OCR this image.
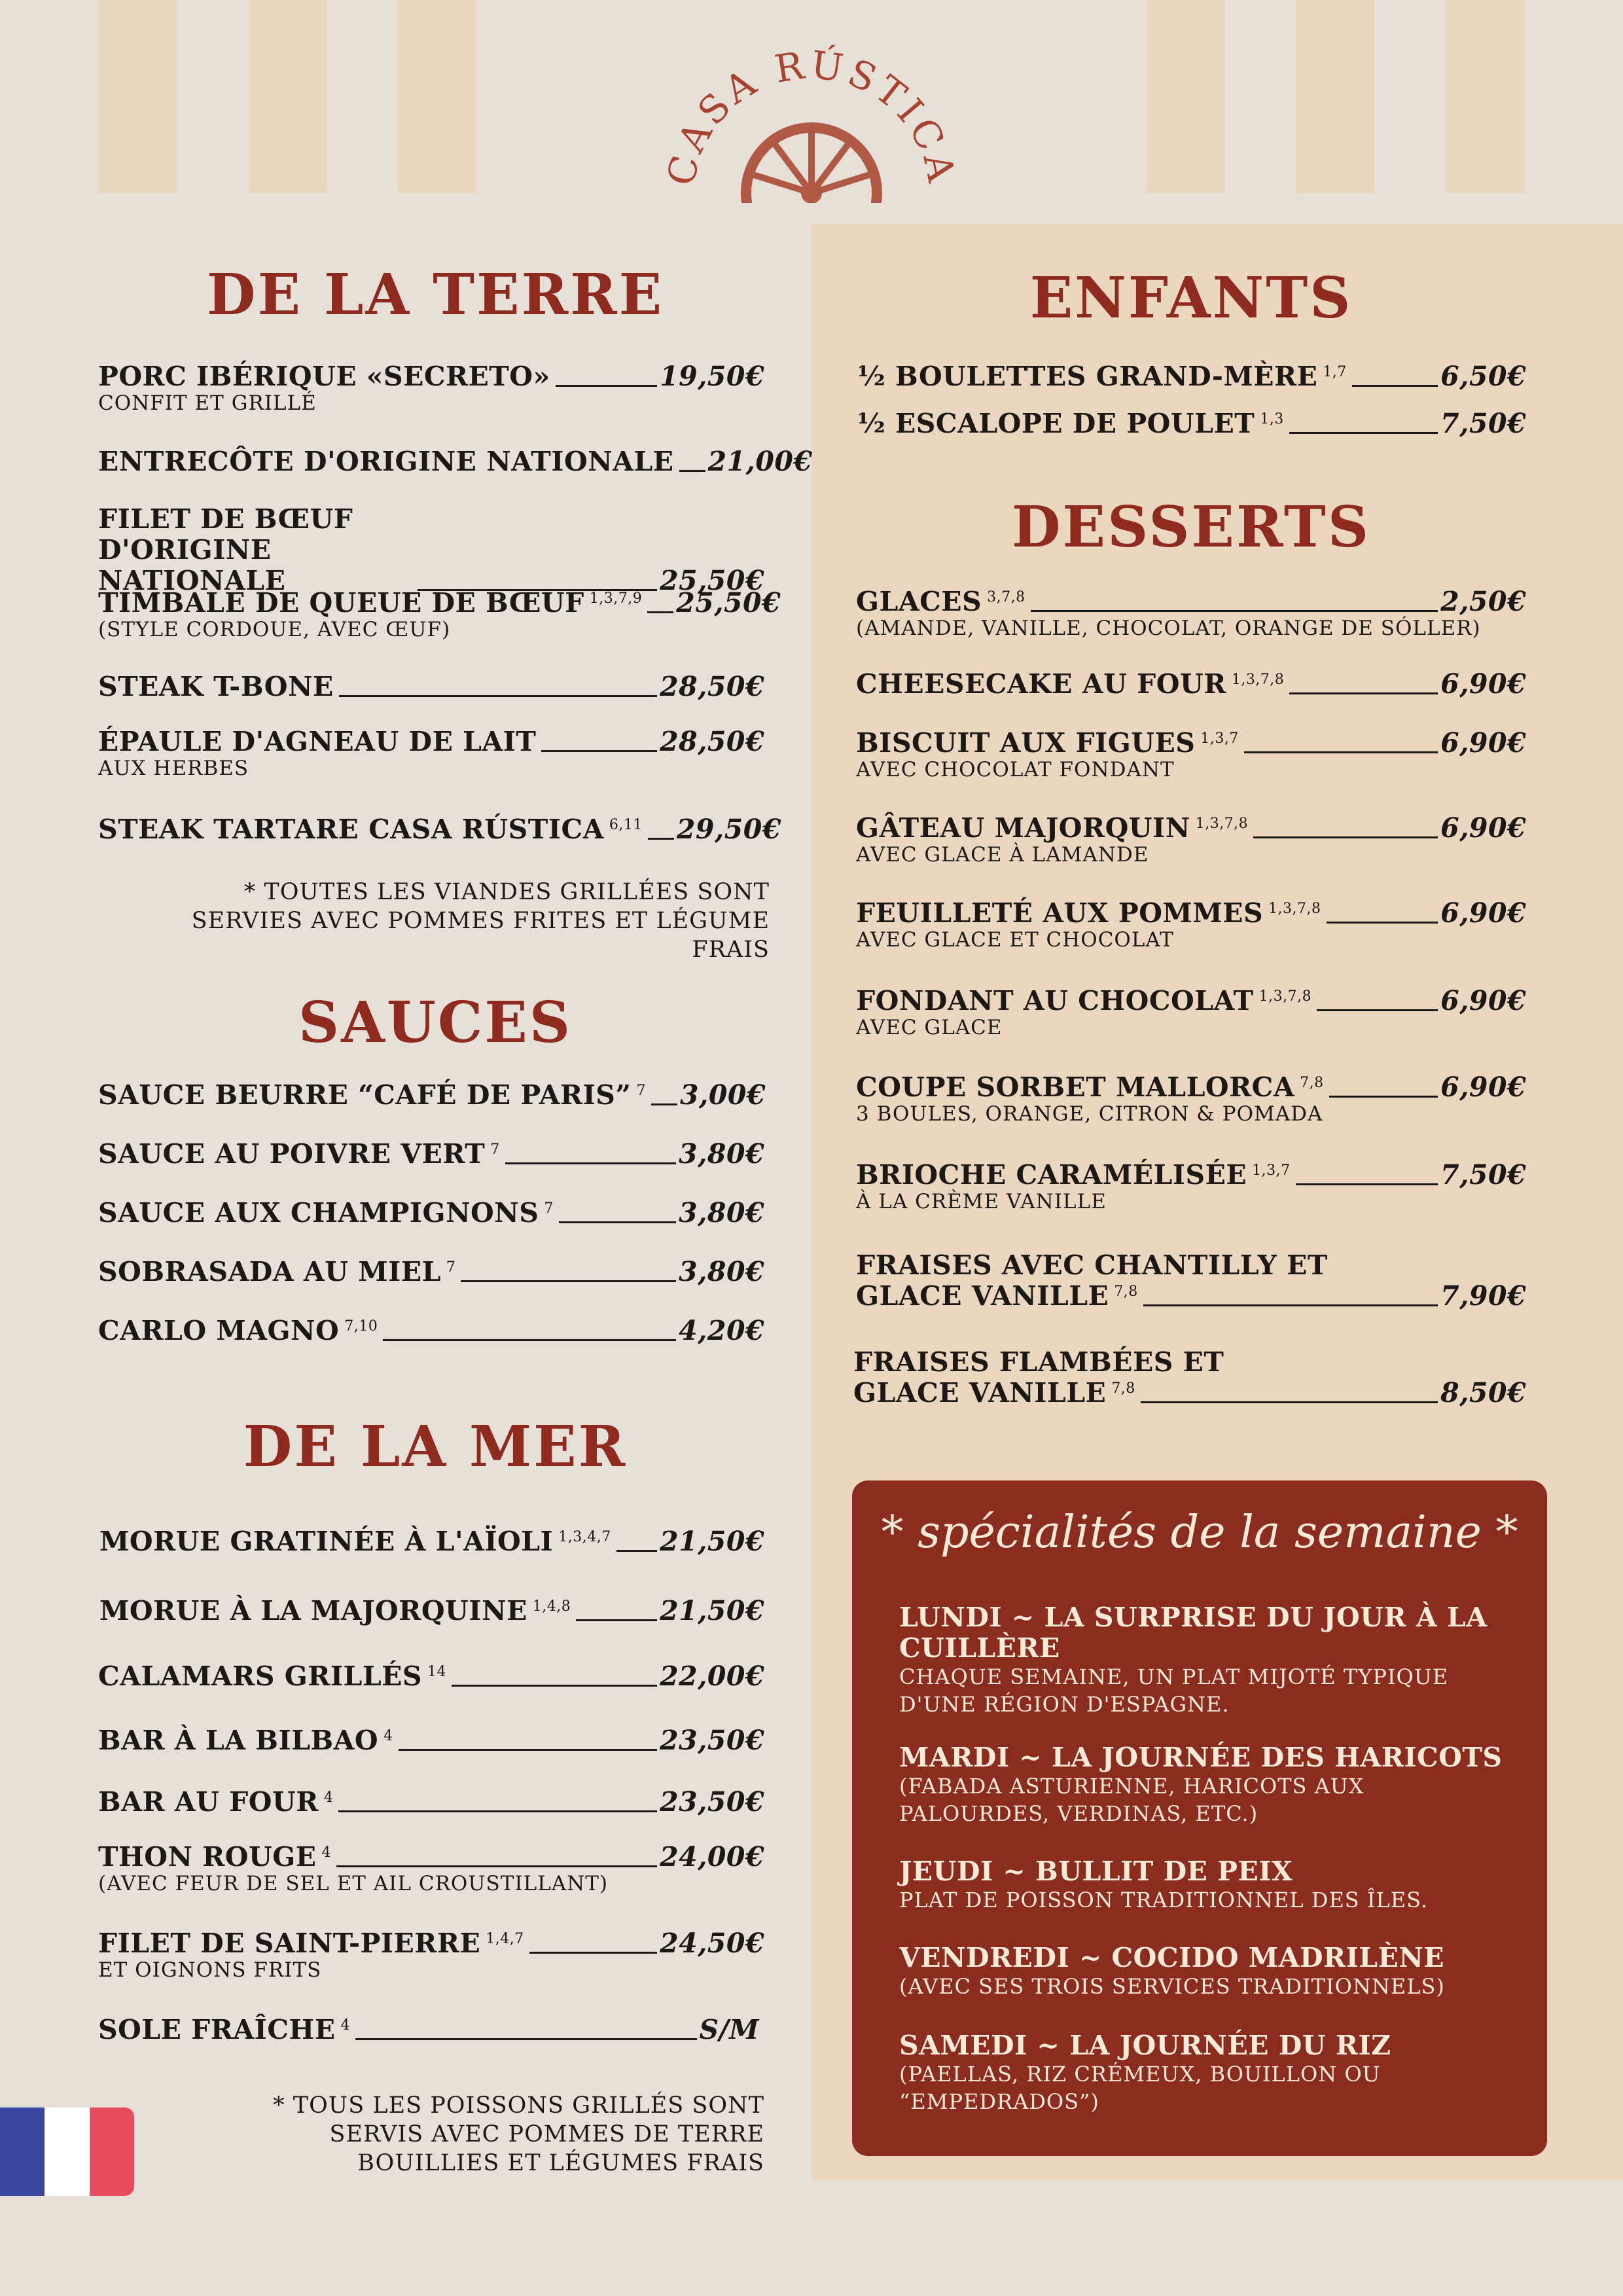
CASA RÚSTICA
DE LA TERRE
PORC IBÉRIQUE «SECRETO»	19,50€
CONFIT ET GRILLÉ
ENTRECÔTE D'ORIGINE NATIONALE 21,00€
FILET DE BŒUF D'ORIGINE NATIONALE	25,50€
TIMBALE DE QUEUE DE BŒUF 1,3,7,9 25,50€
(STYLE CORDOUE, AVEC ŒUF)
STEAK T-BONE	28,50€
ÉPAULE D'AGNEAU DE LAIT	28,50€
AUX HERBES
STEAK TARTARE CASA RÚSTICA 6,11 29,50€
* TOUTES LES VIANDES GRILLÉES SONT SERVIES AVEC POMMES FRITES ET LÉGUME FRAIS
SAUCES
SAUCE BEURRE “CAFÉ DE PARIS” 7 3,00€
SAUCE AU POIVRE VERT 7	3,80€
SAUCE AUX CHAMPIGNONS 7	3,80€
SOBRASADA AU MIEL 7	3,80€
CARLO MAGNO 7,10	4,20€
DE LA MER
MORUE GRATINÉE À L'AÏOLI 1,3,4,7 21,50€
MORUE À LA MAJORQUINE 1,4,8	21,50€
CALAMARS GRILLÉS 14	22,00€
BAR À LA BILBAO 4	23,50€
BAR AU FOUR 4	23,50€
THON ROUGE 4	24,00€
(AVEC FEUR DE SEL ET AIL CROUSTILLANT)
FILET DE SAINT-PIERRE 1,4,7	24,50€
ET OIGNONS FRITS
SOLE FRAÎCHE 4	S/M
* TOUS LES POISSONS GRILLÉS SONT SERVIS AVEC POMMES DE TERRE BOUILLIES ET LÉGUMES FRAIS
ENFANTS
½ BOULETTES GRAND-MÈRE 1,7	6,50€
½ ESCALOPE DE POULET 1,3	7,50€
DESSERTS
GLACES 3,7,8	2,50€
(AMANDE, VANILLE, CHOCOLAT, ORANGE DE SÓLLER)
CHEESECAKE AU FOUR 1,3,7,8	6,90€
BISCUIT AUX FIGUES 1,3,7	6,90€
AVEC CHOCOLAT FONDANT
GÂTEAU MAJORQUIN 1,3,7,8	6,90€
AVEC GLACE À LAMANDE
FEUILLETÉ AUX POMMES 1,3,7,8	6,90€
AVEC GLACE ET CHOCOLAT
FONDANT AU CHOCOLAT 1,3,7,8	6,90€
AVEC GLACE
COUPE SORBET MALLORCA 7,8	6,90€
3 BOULES, ORANGE, CITRON & POMADA
BRIOCHE CARAMÉLISÉE 1,3,7	7,50€
À LA CRÈME VANILLE
FRAISES AVEC CHANTILLY ET
GLACE VANILLE 7,8	7,90€
FRAISES FLAMBÉES ET
GLACE VANILLE 7,8	8,50€
* spécialités de la semaine *
LUNDI ~ LA SURPRISE DU JOUR À LA CUILLÈRE
CHAQUE SEMAINE, UN PLAT MIJOTÉ TYPIQUE D'UNE RÉGION D'ESPAGNE.
MARDI ~ LA JOURNÉE DES HARICOTS
(FABADA ASTURIENNE, HARICOTS AUX PALOURDES, VERDINAS, ETC.)
JEUDI ~ BULLIT DE PEIX
PLAT DE POISSON TRADITIONNEL DES ÎLES.
VENDREDI ~ COCIDO MADRILÈNE
(AVEC SES TROIS SERVICES TRADITIONNELS)
SAMEDI ~ LA JOURNÉE DU RIZ
(PAELLAS, RIZ CRÉMEUX, BOUILLON OU “EMPEDRADOS”)
